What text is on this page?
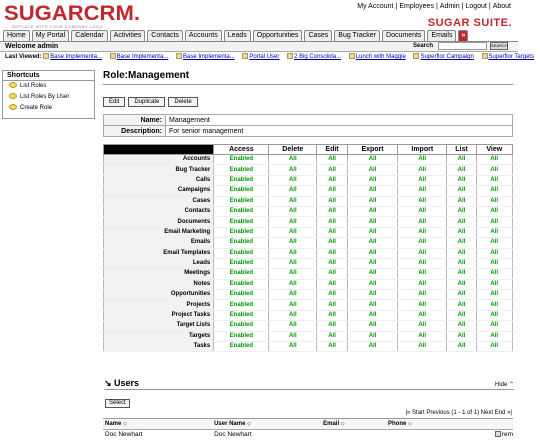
SUGARCRM.
REPLACE WITH YOUR COMPANY LOGO
My Account | Employees | Admin | Logout | About
SUGAR SUITE.
Home	My Portal	Calendar	Activities	Contacts	Accounts	Leads	Opportunities	Cases	Bug Tracker	Documents	Emails	»
Welcome admin	Search	SEARCH
Last Viewed: Base Implementa... Base Implementa... Base Implementa... Portal User 2 Big Consolida... Lunch with Maggie Superflor Campaign Superflor Targets
Shortcuts
List Roles
List Roles By User
Create Role
Role:Management
Edit	Duplicate	Delete
Name:	Management
Description:	For senior management
	Access	Delete	Edit	Export	Import	List	View
Accounts	Enabled	All	All	All	All	All	All
Bug Tracker	Enabled	All	All	All	All	All	All
Calls	Enabled	All	All	All	All	All	All
Campaigns	Enabled	All	All	All	All	All	All
Cases	Enabled	All	All	All	All	All	All
Contacts	Enabled	All	All	All	All	All	All
Documents	Enabled	All	All	All	All	All	All
Email Marketing	Enabled	All	All	All	All	All	All
Emails	Enabled	All	All	All	All	All	All
Email Templates	Enabled	All	All	All	All	All	All
Leads	Enabled	All	All	All	All	All	All
Meetings	Enabled	All	All	All	All	All	All
Notes	Enabled	All	All	All	All	All	All
Opportunities	Enabled	All	All	All	All	All	All
Projects	Enabled	All	All	All	All	All	All
Project Tasks	Enabled	All	All	All	All	All	All
Target Lists	Enabled	All	All	All	All	All	All
Targets	Enabled	All	All	All	All	All	All
Tasks	Enabled	All	All	All	All	All	All
↘ Users	Hide ⌃
Select
|« Start Previous (1 - 1 of 1) Next End »|
Name ◇	User Name ◇	Email ◇	Phone ◇	
Doc Newhart	Doc Newhart			rem
